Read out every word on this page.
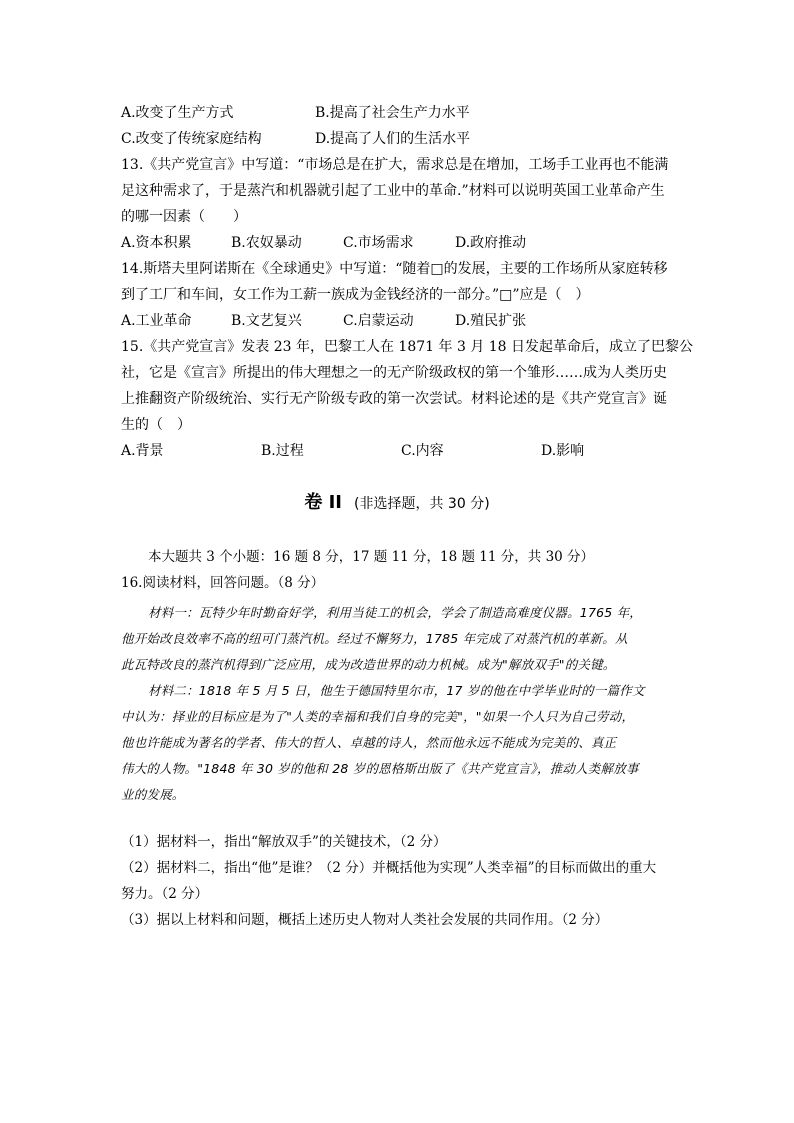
A.改变了生产方式	B.提高了社会生产力水平
C.改变了传统家庭结构	D.提高了人们的生活水平
13.《共产党宣言》中写道：“市场总是在扩大，需求总是在增加，工场手工业再也不能满
足这种需求了，于是蒸汽和机器就引起了工业中的革命.”材料可以说明英国工业革命产生
的哪一因素（　　）
A.资本积累	B.农奴暴动	C.市场需求	D.政府推动
14.斯塔夫里阿诺斯在《全球通史》中写道：“随着□的发展，主要的工作场所从家庭转移
到了工厂和车间，女工作为工薪一族成为金钱经济的一部分。”□”应是（　）
A.工业革命	B.文艺复兴	C.启蒙运动	D.殖民扩张
15.《共产党宣言》发表 23 年，巴黎工人在 1871 年 3 月 18 日发起革命后，成立了巴黎公
社，它是《宣言》所提出的伟大理想之一的无产阶级政权的第一个雏形……成为人类历史
上推翻资产阶级统治、实行无产阶级专政的第一次尝试。材料论述的是《共产党宣言》诞
生的（　）
A.背景	B.过程	C.内容	D.影响
卷 II (非选择题，共 30 分)
本大题共 3 个小题：16 题 8 分，17 题 11 分，18 题 11 分，共 30 分）
16.阅读材料，回答问题。（8 分）
材料一：瓦特少年时勤奋好学，利用当徒工的机会，学会了制造高难度仪器。1765 年，
他开始改良效率不高的纽可门蒸汽机。经过不懈努力，1785 年完成了对蒸汽机的革新。从
此瓦特改良的蒸汽机得到广泛应用，成为改造世界的动力机械。成为"解放双手"的关键。
材料二：1818 年 5 月 5 日，他生于德国特里尔市，17 岁的他在中学毕业时的一篇作文
中认为：择业的目标应是为了"人类的幸福和我们自身的完美"，"如果一个人只为自己劳动，
他也许能成为著名的学者、伟大的哲人、卓越的诗人，然而他永远不能成为完美的、真正
伟大的人物。"1848 年 30 岁的他和 28 岁的恩格斯出版了《共产党宣言》，推动人类解放事
业的发展。
（1）据材料一，指出“解放双手”的关键技术，（2 分）
（2）据材料二，指出“他”是谁？（2 分）并概括他为实现”人类幸福”的目标而做出的重大
努力。（2 分）
（3）据以上材料和问题，概括上述历史人物对人类社会发展的共同作用。（2 分）
